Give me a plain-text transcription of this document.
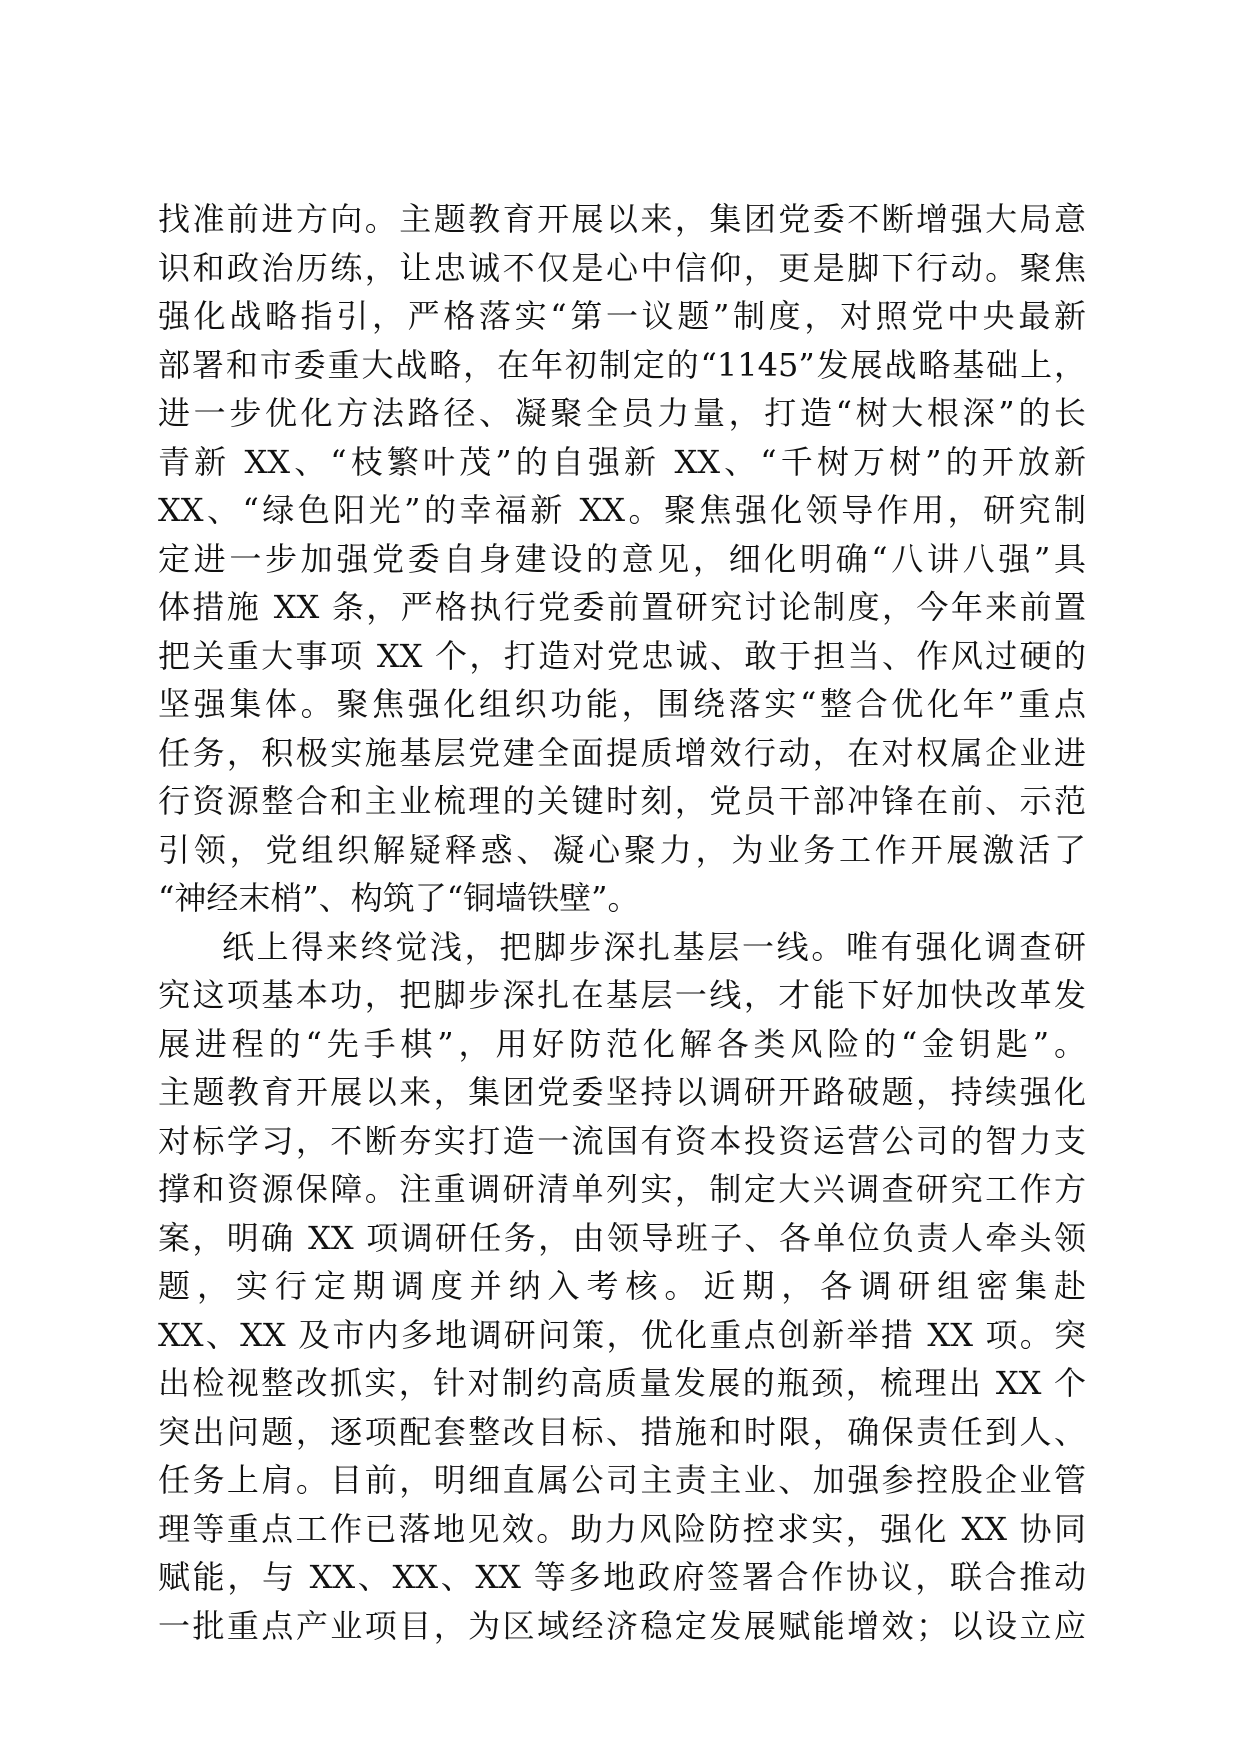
找准前进方向。主题教育开展以来，集团党委不断增强大局意
识和政治历练，让忠诚不仅是心中信仰，更是脚下行动。聚焦
强化战略指引，严格落实“第一议题”制度，对照党中央最新
部署和市委重大战略，在年初制定的“1145”发展战略基础上，
进一步优化方法路径、凝聚全员力量，打造“树大根深”的长
青新 XX、“枝繁叶茂”的自强新 XX、“千树万树”的开放新
XX、“绿色阳光”的幸福新 XX。聚焦强化领导作用，研究制
定进一步加强党委自身建设的意见，细化明确“八讲八强”具
体措施 XX 条，严格执行党委前置研究讨论制度，今年来前置
把关重大事项 XX 个，打造对党忠诚、敢于担当、作风过硬的
坚强集体。聚焦强化组织功能，围绕落实“整合优化年”重点
任务，积极实施基层党建全面提质增效行动，在对权属企业进
行资源整合和主业梳理的关键时刻，党员干部冲锋在前、示范
引领，党组织解疑释惑、凝心聚力，为业务工作开展激活了
“神经末梢”、构筑了“铜墙铁壁”。
纸上得来终觉浅，把脚步深扎基层一线。唯有强化调查研
究这项基本功，把脚步深扎在基层一线，才能下好加快改革发
展进程的“先手棋”，用好防范化解各类风险的“金钥匙”。
主题教育开展以来，集团党委坚持以调研开路破题，持续强化
对标学习，不断夯实打造一流国有资本投资运营公司的智力支
撑和资源保障。注重调研清单列实，制定大兴调查研究工作方
案，明确 XX 项调研任务，由领导班子、各单位负责人牵头领
题，实行定期调度并纳入考核。近期，各调研组密集赴
XX、XX 及市内多地调研问策，优化重点创新举措 XX 项。突
出检视整改抓实，针对制约高质量发展的瓶颈，梳理出 XX 个
突出问题，逐项配套整改目标、措施和时限，确保责任到人、
任务上肩。目前，明细直属公司主责主业、加强参控股企业管
理等重点工作已落地见效。助力风险防控求实，强化 XX 协同
赋能，与 XX、XX、XX 等多地政府签署合作协议，联合推动
一批重点产业项目，为区域经济稳定发展赋能增效；以设立应
